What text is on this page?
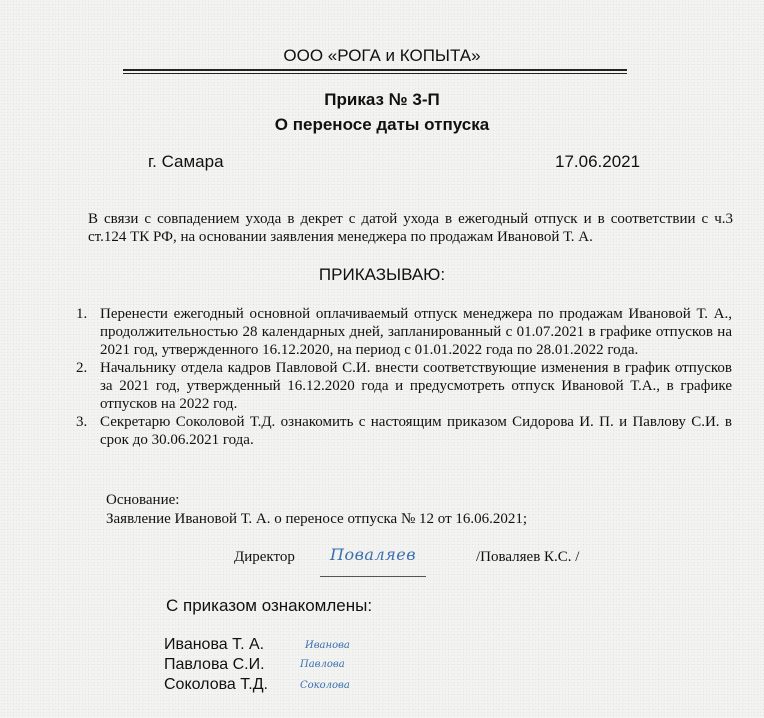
ООО «РОГА и КОПЫТА»
Приказ № 3-П
О переносе даты отпуска
г. Самара	17.06.2021
В связи с совпадением ухода в декрет с датой ухода в ежегодный отпуск и в соответствии с ч.3 ст.124 ТК РФ, на основании заявления менеджера по продажам Ивановой Т. А.
ПРИКАЗЫВАЮ:
1. Перенести ежегодный основной оплачиваемый отпуск менеджера по продажам Ивановой Т. А., продолжительностью 28 календарных дней, запланированный с 01.07.2021 в графике отпусков на 2021 год, утвержденного 16.12.2020, на период с 01.01.2022 года по 28.01.2022 года.
2. Начальнику отдела кадров Павловой С.И. внести соответствующие изменения в график отпусков за 2021 год, утвержденный 16.12.2020 года и предусмотреть отпуск Ивановой Т.А., в графике отпусков на 2022 год.
3. Секретарю Соколовой Т.Д. ознакомить с настоящим приказом Сидорова И. П. и Павлову С.И. в срок до 30.06.2021 года.
Основание:
Заявление Ивановой Т. А. о переносе отпуска № 12 от 16.06.2021;
Директор Поваляев	/Поваляев К.С. /
С приказом ознакомлены:
Иванова Т. А.	Иванова
Павлова С.И.	Павлова
Соколова Т.Д.	Соколова
